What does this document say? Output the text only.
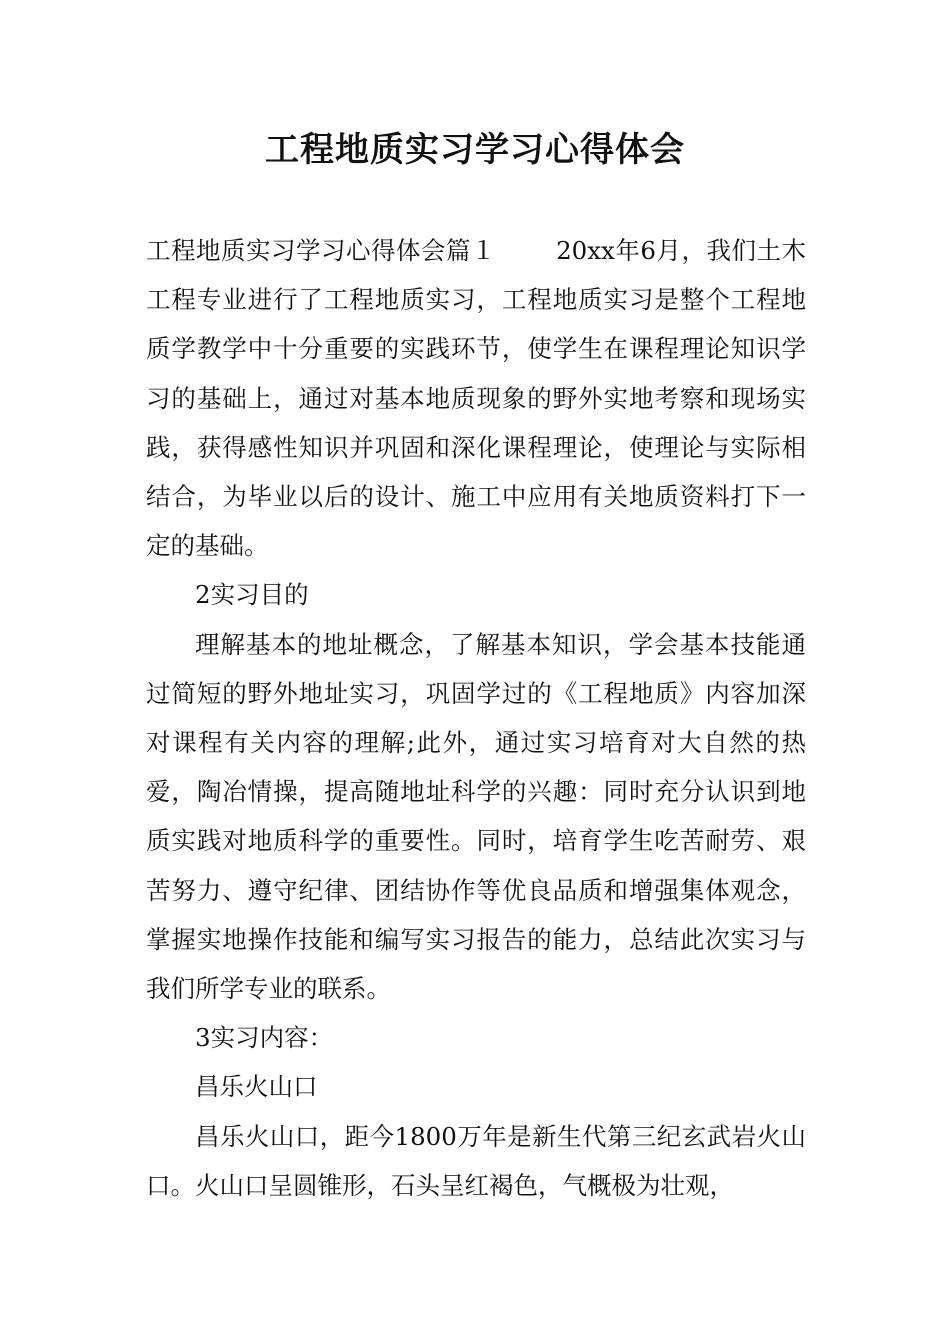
工程地质实习学习心得体会

工程地质实习学习心得体会篇１ 20xx年6月，我们土木工程专业进行了工程地质实习，工程地质实习是整个工程地质学教学中十分重要的实践环节，使学生在课程理论知识学习的基础上，通过对基本地质现象的野外实地考察和现场实践，获得感性知识并巩固和深化课程理论，使理论与实际相结合，为毕业以后的设计、施工中应用有关地质资料打下一定的基础。

2实习目的

理解基本的地址概念，了解基本知识，学会基本技能通过简短的野外地址实习，巩固学过的《工程地质》内容加深对课程有关内容的理解;此外，通过实习培育对大自然的热爱，陶冶情操，提高随地址科学的兴趣：同时充分认识到地质实践对地质科学的重要性。同时，培育学生吃苦耐劳、艰苦努力、遵守纪律、团结协作等优良品质和增强集体观念，掌握实地操作技能和编写实习报告的能力，总结此次实习与我们所学专业的联系。

3实习内容：

昌乐火山口

昌乐火山口，距今1800万年是新生代第三纪玄武岩火山口。火山口呈圆锥形，石头呈红褐色，气概极为壮观，
